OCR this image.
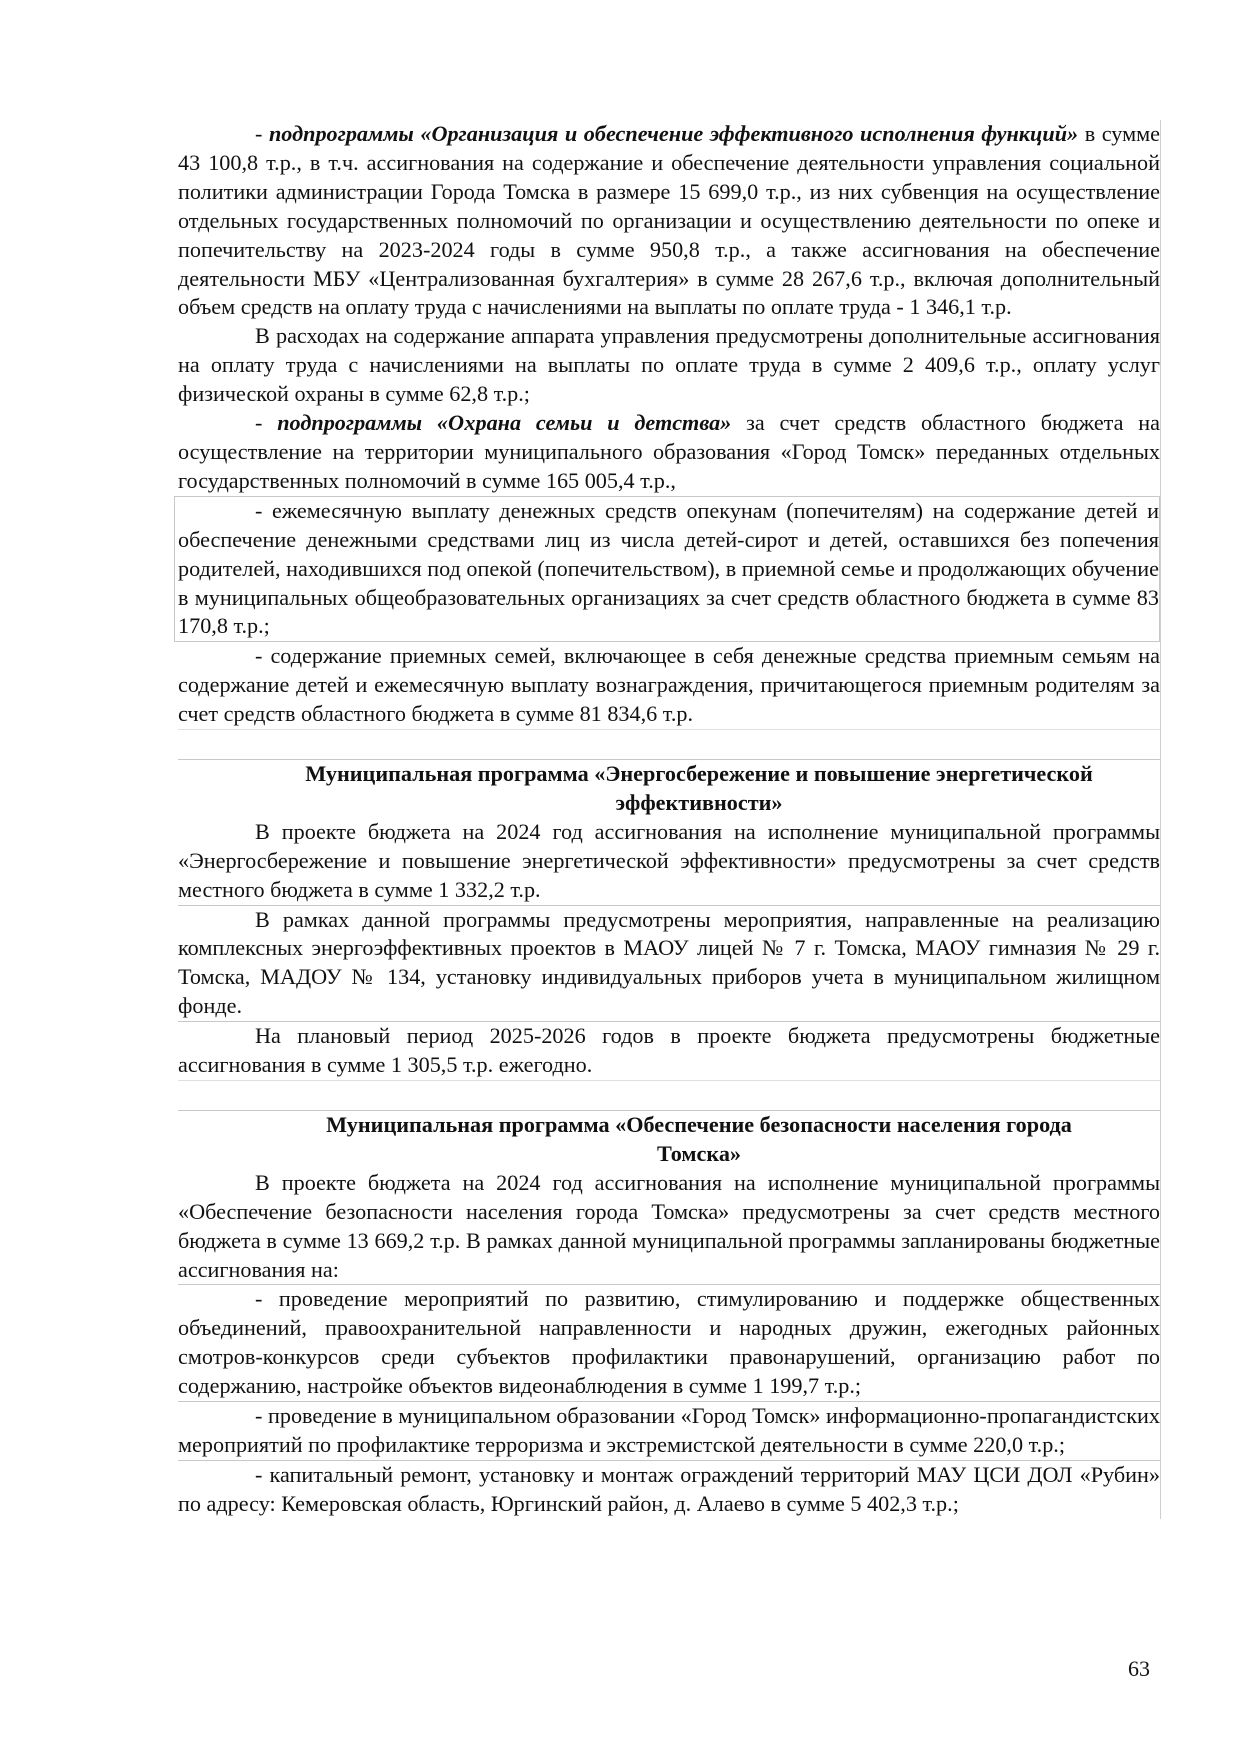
- подпрограммы «Организация и обеспечение эффективного исполнения функций» в сумме 43 100,8 т.р., в т.ч. ассигнования на содержание и обеспечение деятельности управления социальной политики администрации Города Томска в размере 15 699,0 т.р., из них субвенция на осуществление отдельных государственных полномочий по организации и осуществлению деятельности по опеке и попечительству на 2023-2024 годы в сумме 950,8 т.р., а также ассигнования на обеспечение деятельности МБУ «Централизованная бухгалтерия» в сумме 28 267,6 т.р., включая дополнительный объем средств на оплату труда с начислениями на выплаты по оплате труда - 1 346,1 т.р.

В расходах на содержание аппарата управления предусмотрены дополнительные ассигнования на оплату труда с начислениями на выплаты по оплате труда в сумме 2 409,6 т.р., оплату услуг физической охраны в сумме 62,8 т.р.;

- подпрограммы «Охрана семьи и детства» за счет средств областного бюджета на осуществление на территории муниципального образования «Город Томск» переданных отдельных государственных полномочий в сумме 165 005,4 т.р.,

- ежемесячную выплату денежных средств опекунам (попечителям) на содержание детей и обеспечение денежными средствами лиц из числа детей-сирот и детей, оставшихся без попечения родителей, находившихся под опекой (попечительством), в приемной семье и продолжающих обучение в муниципальных общеобразовательных организациях за счет средств областного бюджета в сумме 83 170,8 т.р.;

- содержание приемных семей, включающее в себя денежные средства приемным семьям на содержание детей и ежемесячную выплату вознаграждения, причитающегося приемным родителям за счет средств областного бюджета в сумме 81 834,6 т.р.

Муниципальная программа «Энергосбережение и повышение энергетической
эффективности»

В проекте бюджета на 2024 год ассигнования на исполнение муниципальной программы «Энергосбережение и повышение энергетической эффективности» предусмотрены за счет средств местного бюджета в сумме 1 332,2 т.р.

В рамках данной программы предусмотрены мероприятия, направленные на реализацию комплексных энергоэффективных проектов в МАОУ лицей № 7 г. Томска, МАОУ гимназия № 29 г. Томска, МАДОУ № 134, установку индивидуальных приборов учета в муниципальном жилищном фонде.

На плановый период 2025-2026 годов в проекте бюджета предусмотрены бюджетные ассигнования в сумме 1 305,5 т.р. ежегодно.

Муниципальная программа «Обеспечение безопасности населения города
Томска»

В проекте бюджета на 2024 год ассигнования на исполнение муниципальной программы «Обеспечение безопасности населения города Томска» предусмотрены за счет средств местного бюджета в сумме 13 669,2 т.р. В рамках данной муниципальной программы запланированы бюджетные ассигнования на:

- проведение мероприятий по развитию, стимулированию и поддержке общественных объединений, правоохранительной направленности и народных дружин, ежегодных районных смотров-конкурсов среди субъектов профилактики правонарушений, организацию работ по содержанию, настройке объектов видеонаблюдения в сумме 1 199,7 т.р.;

- проведение в муниципальном образовании «Город Томск» информационно-пропагандистских мероприятий по профилактике терроризма и экстремистской деятельности в сумме 220,0 т.р.;

- капитальный ремонт, установку и монтаж ограждений территорий МАУ ЦСИ ДОЛ «Рубин» по адресу: Кемеровская область, Юргинский район, д. Алаево в сумме 5 402,3 т.р.;

63
